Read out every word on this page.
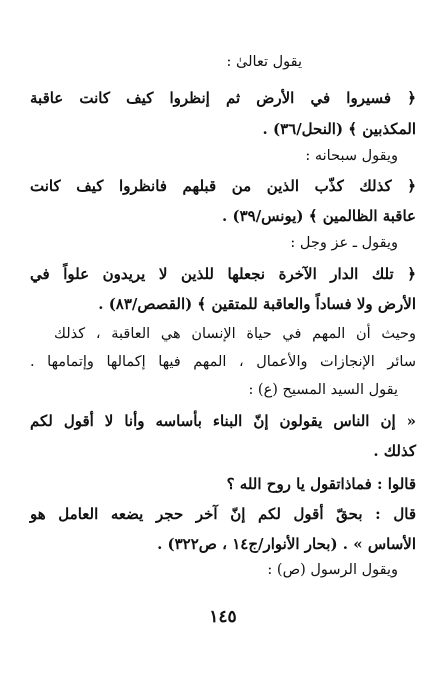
يقول تعالىٰ :
﴿ فسيروا في الأرض ثم إنظروا كيف كانت عاقبة
المكذبين ﴾ (النحل/٣٦) .
ويقول سبحانه :
﴿ كذلك كذّب الذين من قبلهم فانظروا كيف كانت
عاقبة الظالمين ﴾ (يونس/٣٩) .
ويقول ـ عز وجل :
﴿ تلك الدار الآخرة نجعلها للذين لا يريدون علواً في
الأرض ولا فساداً والعاقبة للمتقين ﴾ (القصص/٨٣) .
وحيث أن المهم في حياة الإنسان هي العاقبة ، كذلك
سائر الإنجازات والأعمال ، المهم فيها إكمالها وإتمامها .
يقول السيد المسيح (ع) :
« إن الناس يقولون إنّ البناء بأساسه وأنا لا أقول لكم
كذلك .
قالوا : فماذاتقول يا روح الله ؟
قال : بحقّ أقول لكم إنّ آخر حجر يضعه العامل هو
الأساس » . (بحار الأنوار/ج١٤ ، ص٣٢٢) .
ويقول الرسول (ص) :
١٤٥
